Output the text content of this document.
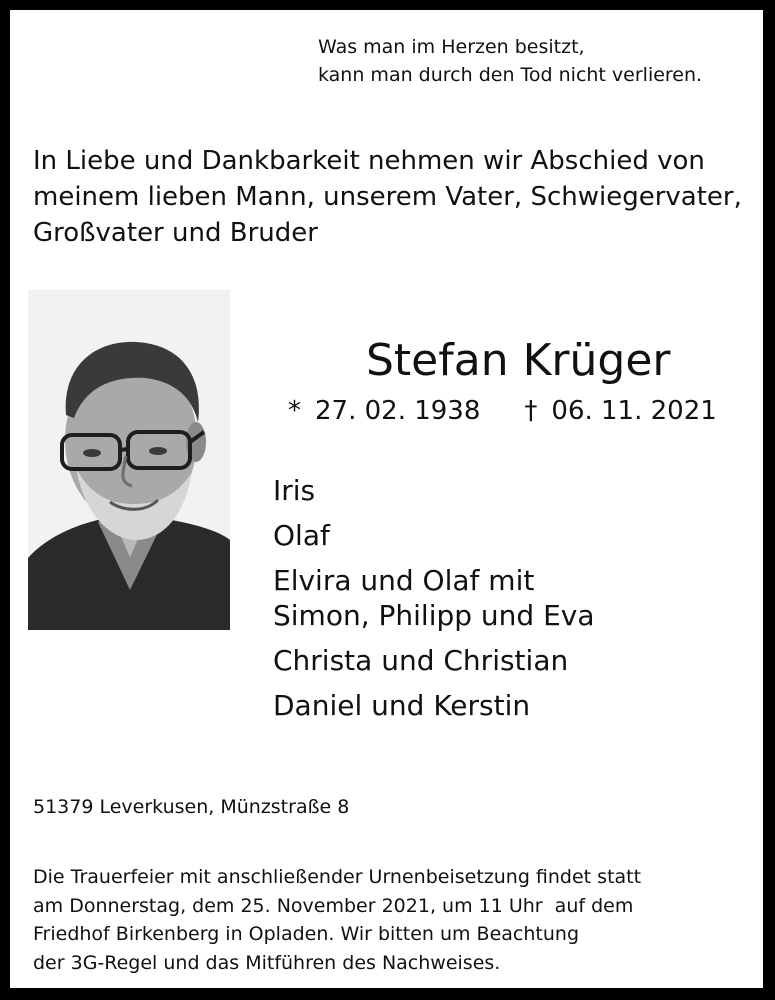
Was man im Herzen besitzt,
kann man durch den Tod nicht verlieren.
In Liebe und Dankbarkeit nehmen wir Abschied von
meinem lieben Mann, unserem Vater, Schwiegervater,
Großvater und Bruder
Stefan Krüger
* 27. 02. 1938 † 06. 11. 2021
Iris
Olaf
Elvira und Olaf mit
Simon, Philipp und Eva
Christa und Christian
Daniel und Kerstin
51379 Leverkusen, Münzstraße 8
Die Trauerfeier mit anschließender Urnenbeisetzung findet statt
am Donnerstag, dem 25. November 2021, um 11 Uhr  auf dem
Friedhof Birkenberg in Opladen. Wir bitten um Beachtung
der 3G-Regel und das Mitführen des Nachweises.
